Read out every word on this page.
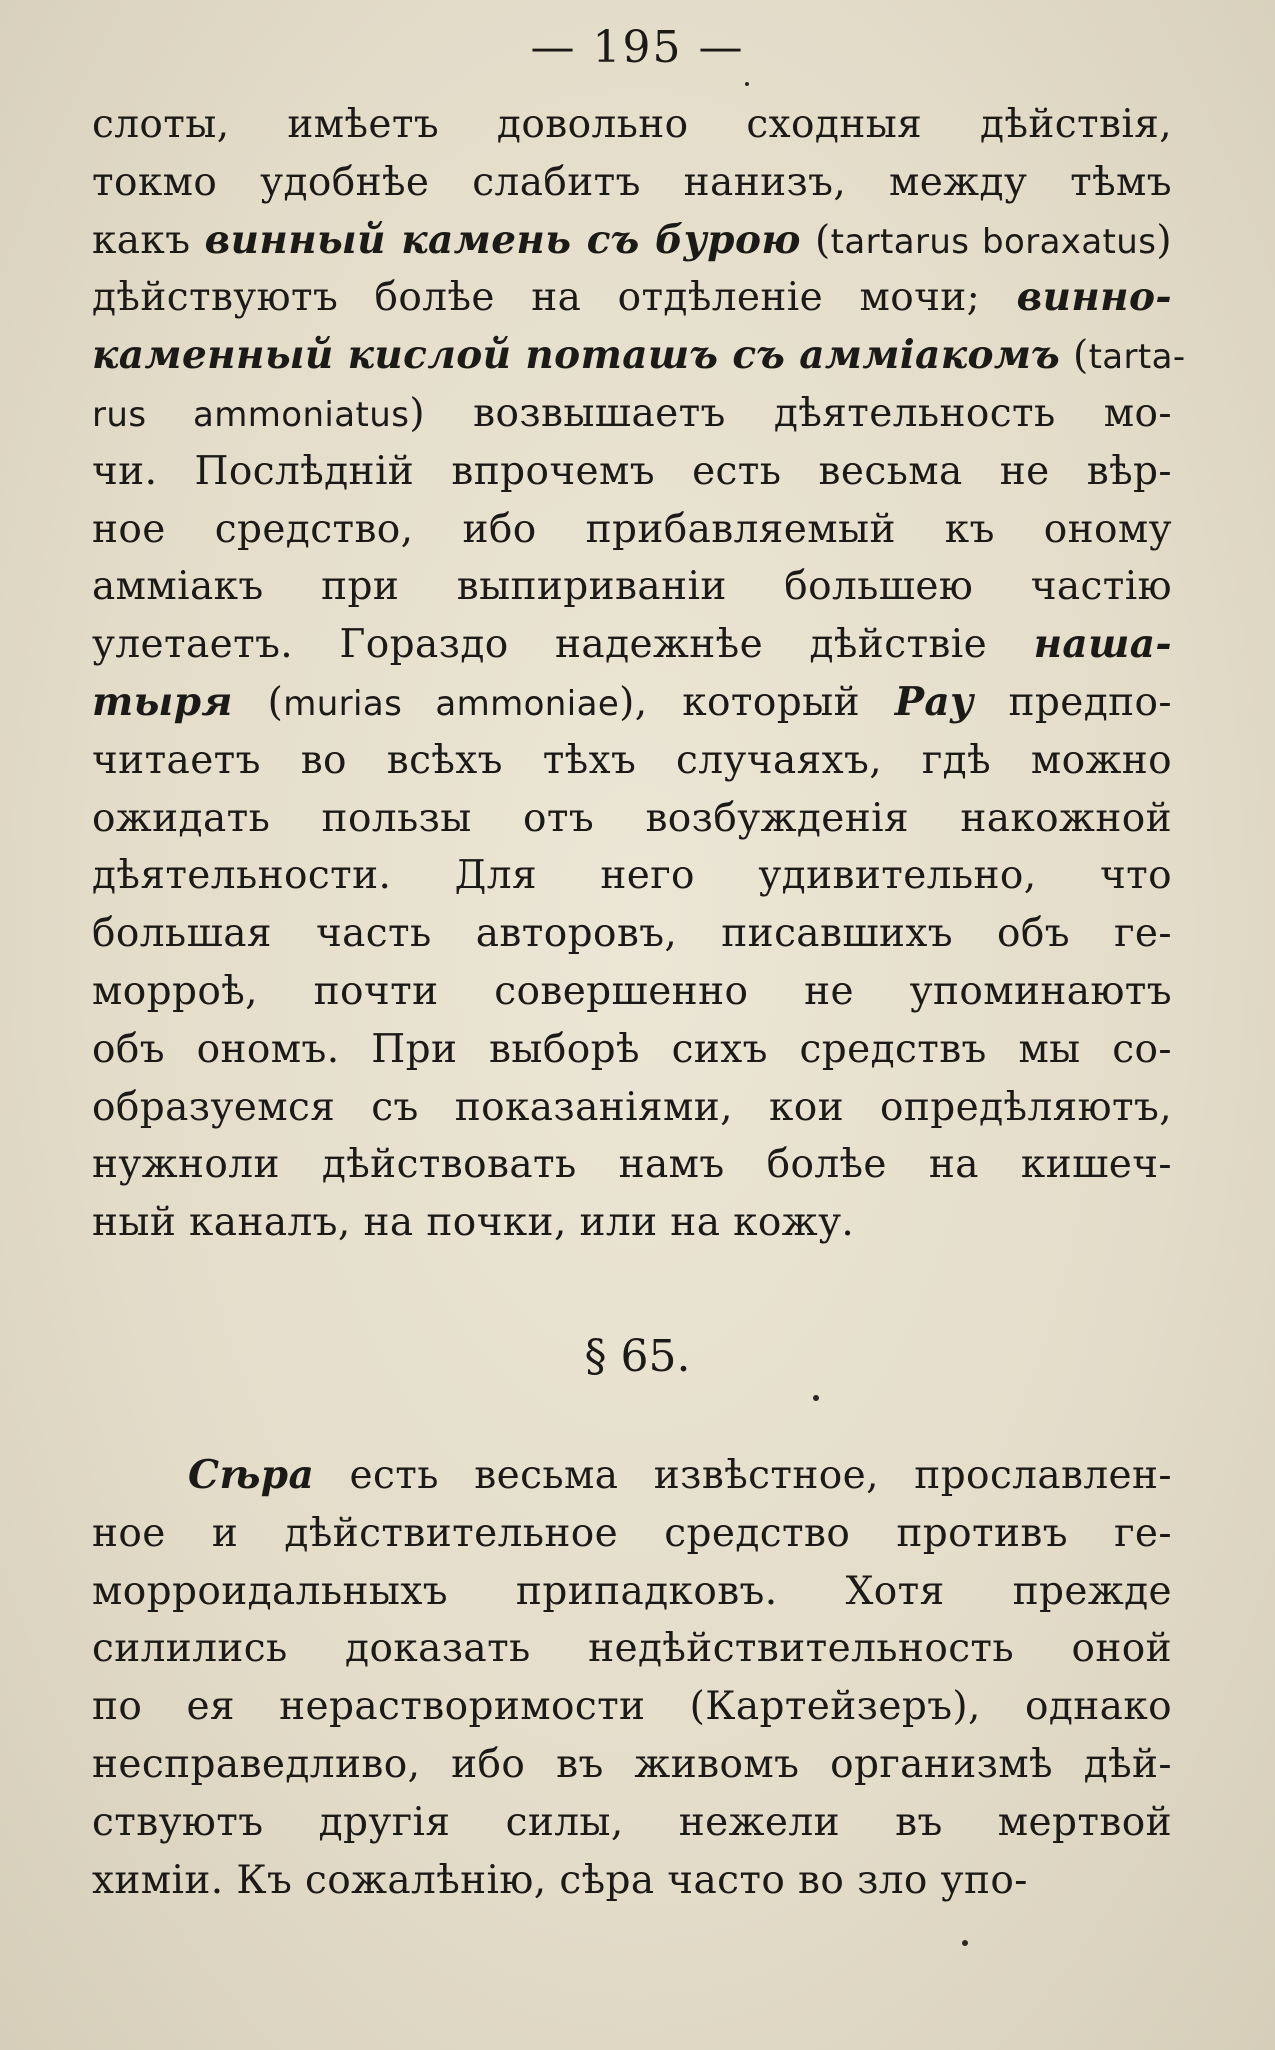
— 195 —
слоты, имѣетъ довольно сходныя дѣйствія,
токмо удобнѣе слабитъ нанизъ, между тѣмъ
какъ винный камень съ бурою (tartarus boraxatus)
дѣйствуютъ болѣе на отдѣленіе мочи; винно-
каменный кислой поташъ съ аммiакомъ (tarta-
rus ammoniatus) возвышаетъ дѣятельность мо-
чи. Послѣдній впрочемъ есть весьма не вѣр-
ное средство, ибо прибавляемый къ оному
аммiакъ при выпириваніи большею частію
улетаетъ. Гораздо надежнѣе дѣйствіе наша-
тыря (murias ammoniae), который Рау предпо-
читаетъ во всѣхъ тѣхъ случаяхъ, гдѣ можно
ожидать пользы отъ возбужденія накожной
дѣятельности. Для него удивительно, что
большая часть авторовъ, писавшихъ объ ге-
морроѣ, почти совершенно не упоминаютъ
объ ономъ. При выборѣ сихъ средствъ мы со-
образуемся съ показаніями, кои опредѣляютъ,
нужноли дѣйствовать намъ болѣе на кишеч-
ный каналъ, на почки, или на кожу.
§ 65.
Сѣра есть весьма извѣстное, прославлен-
ное и дѣйствительное средство противъ ге-
морроидальныхъ припадковъ. Хотя прежде
силились доказать недѣйствительность оной
по ея нерастворимости (Картейзеръ), однако
несправедливо, ибо въ живомъ организмѣ дѣй-
ствуютъ другія силы, нежели въ мертвой
химіи. Къ сожалѣнію, сѣра часто во зло упо-
